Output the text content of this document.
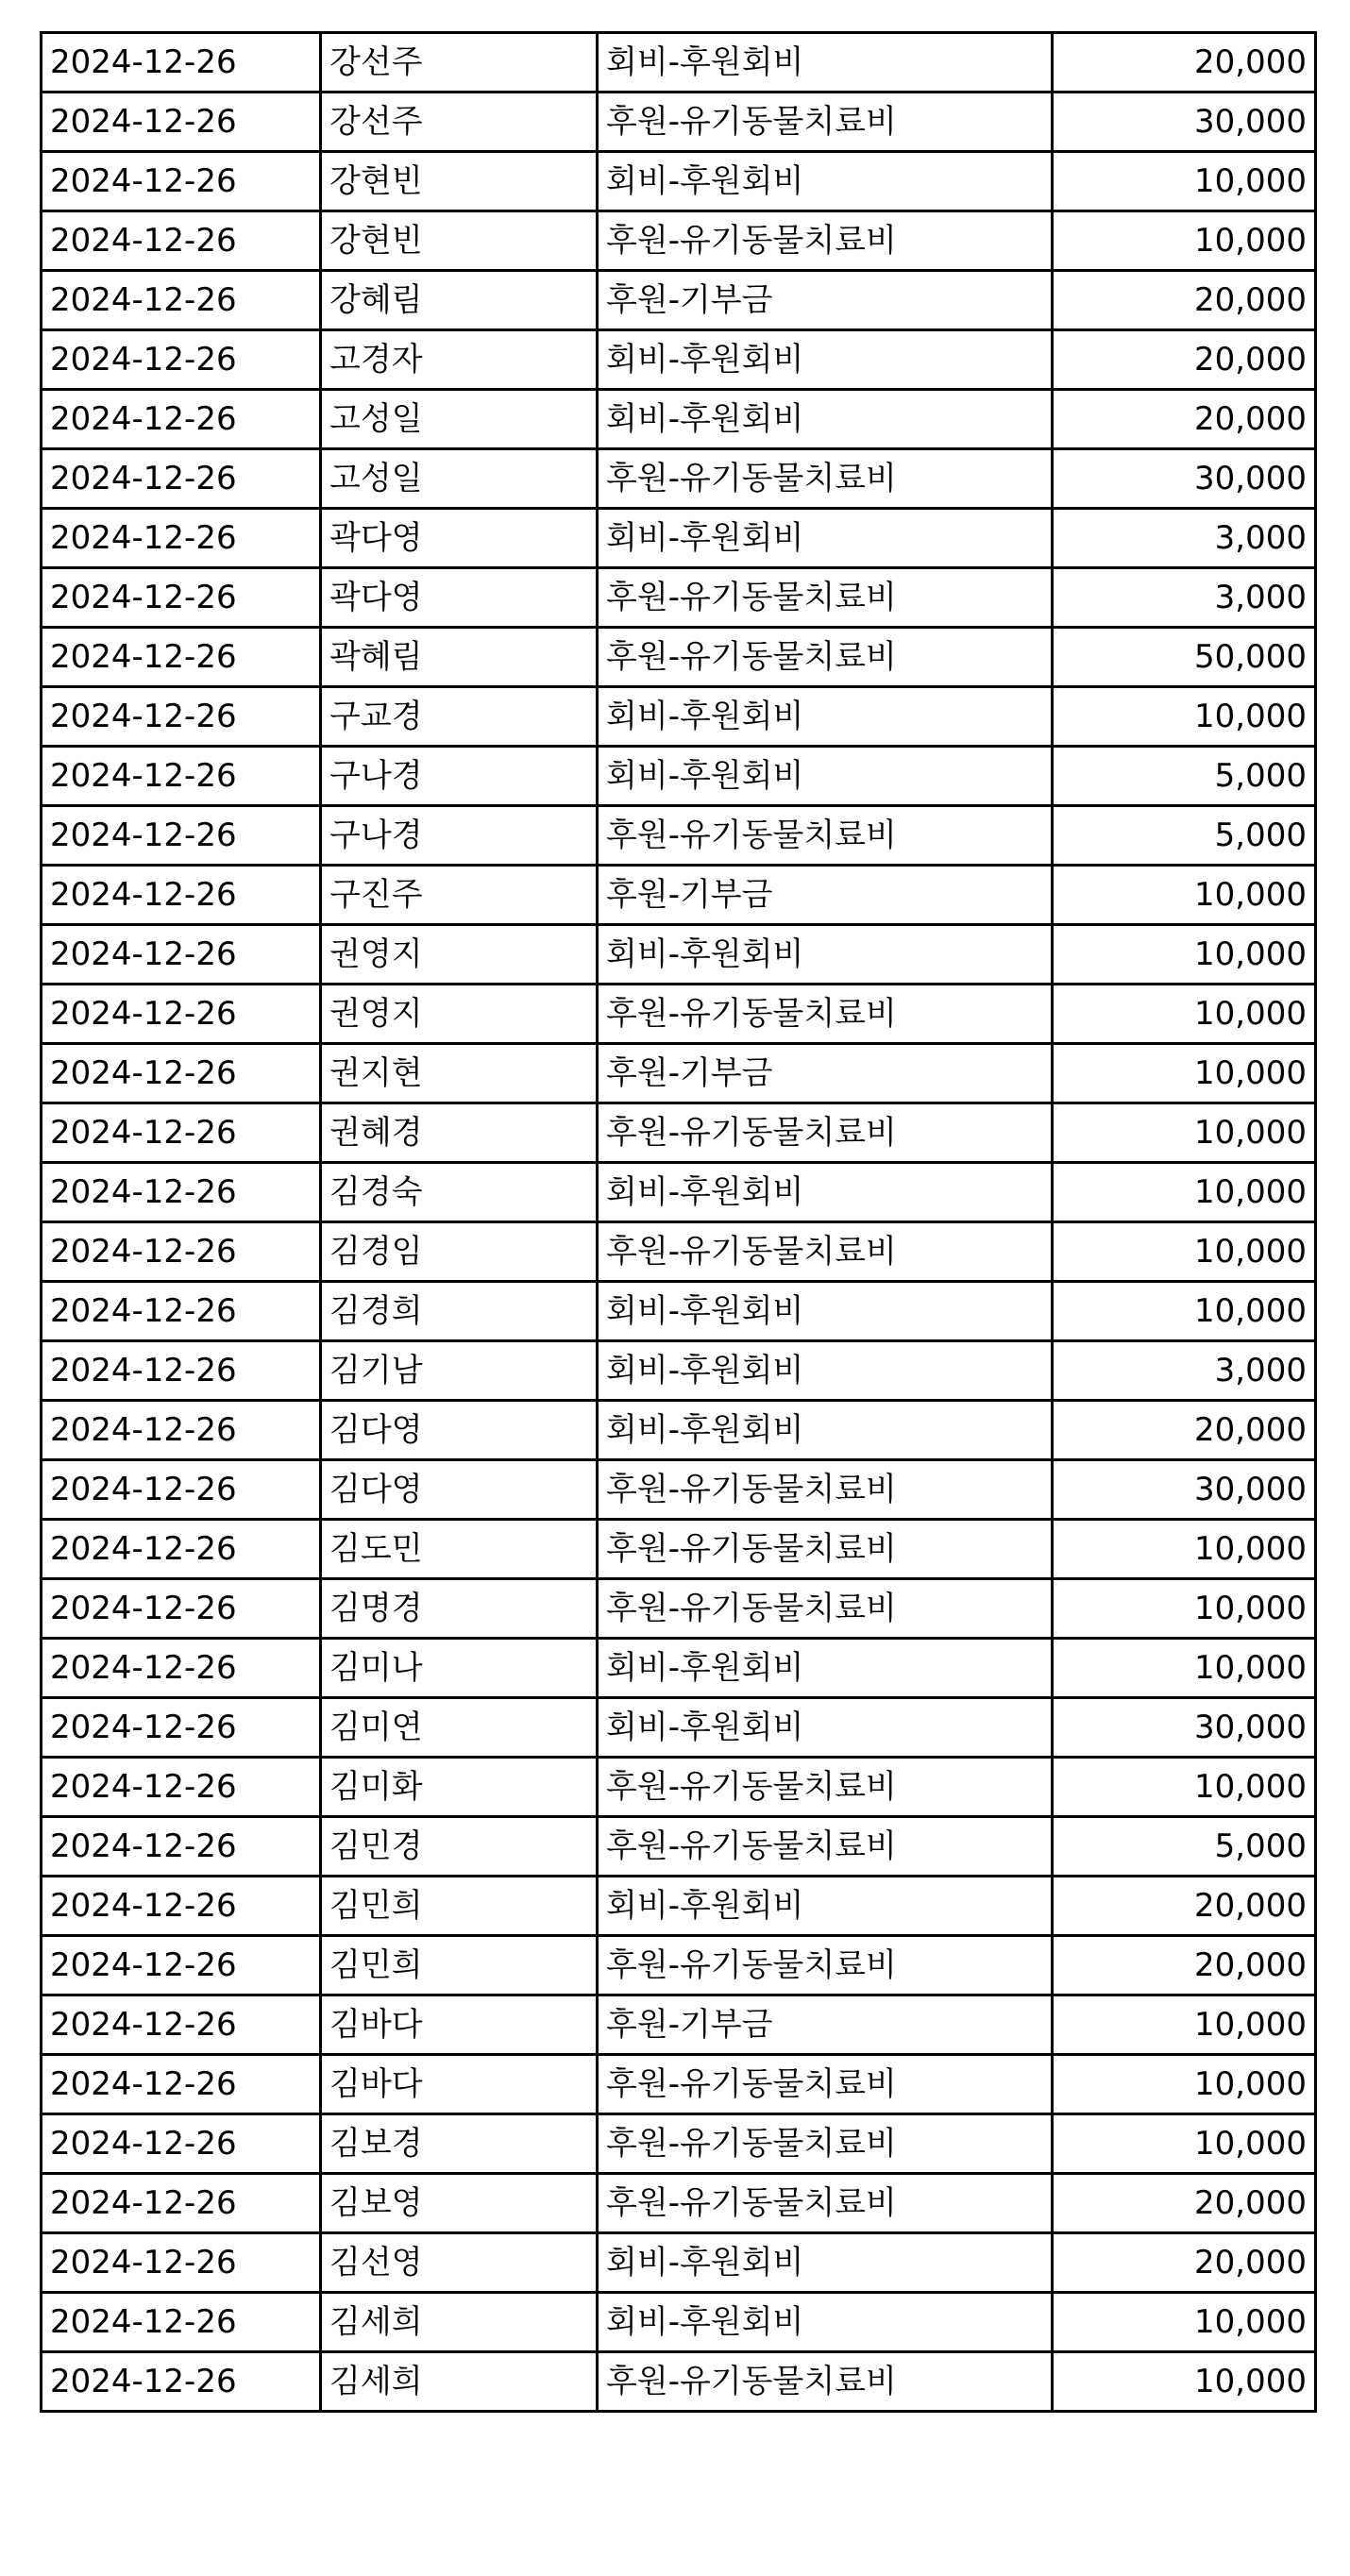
2024-12-26	강선주	회비-후원회비	20,000
2024-12-26	강선주	후원-유기동물치료비	30,000
2024-12-26	강현빈	회비-후원회비	10,000
2024-12-26	강현빈	후원-유기동물치료비	10,000
2024-12-26	강혜림	후원-기부금	20,000
2024-12-26	고경자	회비-후원회비	20,000
2024-12-26	고성일	회비-후원회비	20,000
2024-12-26	고성일	후원-유기동물치료비	30,000
2024-12-26	곽다영	회비-후원회비	3,000
2024-12-26	곽다영	후원-유기동물치료비	3,000
2024-12-26	곽혜림	후원-유기동물치료비	50,000
2024-12-26	구교경	회비-후원회비	10,000
2024-12-26	구나경	회비-후원회비	5,000
2024-12-26	구나경	후원-유기동물치료비	5,000
2024-12-26	구진주	후원-기부금	10,000
2024-12-26	권영지	회비-후원회비	10,000
2024-12-26	권영지	후원-유기동물치료비	10,000
2024-12-26	권지현	후원-기부금	10,000
2024-12-26	권혜경	후원-유기동물치료비	10,000
2024-12-26	김경숙	회비-후원회비	10,000
2024-12-26	김경임	후원-유기동물치료비	10,000
2024-12-26	김경희	회비-후원회비	10,000
2024-12-26	김기남	회비-후원회비	3,000
2024-12-26	김다영	회비-후원회비	20,000
2024-12-26	김다영	후원-유기동물치료비	30,000
2024-12-26	김도민	후원-유기동물치료비	10,000
2024-12-26	김명경	후원-유기동물치료비	10,000
2024-12-26	김미나	회비-후원회비	10,000
2024-12-26	김미연	회비-후원회비	30,000
2024-12-26	김미화	후원-유기동물치료비	10,000
2024-12-26	김민경	후원-유기동물치료비	5,000
2024-12-26	김민희	회비-후원회비	20,000
2024-12-26	김민희	후원-유기동물치료비	20,000
2024-12-26	김바다	후원-기부금	10,000
2024-12-26	김바다	후원-유기동물치료비	10,000
2024-12-26	김보경	후원-유기동물치료비	10,000
2024-12-26	김보영	후원-유기동물치료비	20,000
2024-12-26	김선영	회비-후원회비	20,000
2024-12-26	김세희	회비-후원회비	10,000
2024-12-26	김세희	후원-유기동물치료비	10,000
